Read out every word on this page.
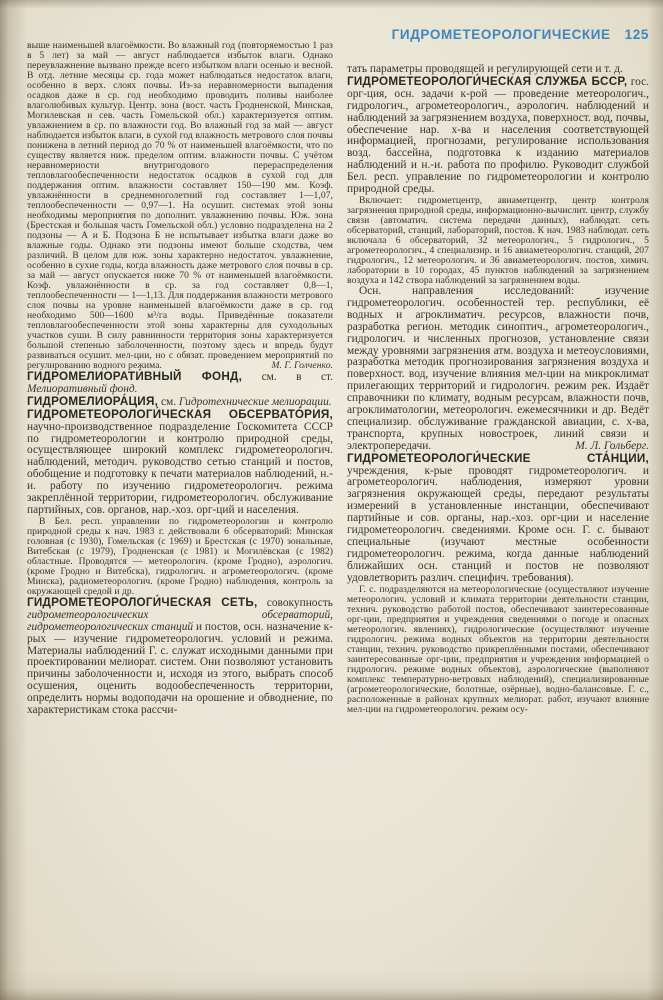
ГИДРОМЕТЕОРОЛОГИЧЕСКИЕ 125

выше наименьшей влагоёмкости. Во влажный год (повторяемостью 1 раз в 5 лет) за май — август наблюдается избыток влаги. Однако переувлажнение вызвано прежде всего избытком влаги осенью и весной. В отд. летние месяцы ср. года может наблюдаться недостаток влаги, особенно в верх. слоях почвы. Из-за неравномерности выпадения осадков даже в ср. год необходимо проводить поливы наиболее влаголюбивых культур. Центр. зона (вост. часть Гродненской, Минская, Могилевская и сев. часть Гомельской обл.) характеризуется оптим. увлажнением в ср. по влажности год. Во влажный год за май — август наблюдается избыток влаги, в сухой год влажность метрового слоя почвы понижена в летний период до 70 % от наименьшей влагоёмкости, что по существу является ниж. пределом оптим. влажности почвы. С учётом неравномерности внутригодового перераспределения тепловлагообеспеченности недостаток осадков в сухой год для поддержания оптим. влажности составляет 150—190 мм. Коэф. увлажнённости в среднемноголетний год составляет 1—1,07, теплообеспеченности — 0,97—1. На осушит. системах этой зоны необходимы мероприятия по дополнит. увлажнению почвы. Юж. зона (Брестская и большая часть Гомельской обл.) условно подразделена на 2 подзоны — А и Б. Подзона Б не испытывает избытка влаги даже во влажные годы. Однако эти подзоны имеют больше сходства, чем различий. В целом для юж. зоны характерно недостаточ. увлажнение, особенно в сухие годы, когда влажность даже метрового слоя почвы в ср. за май — август опускается ниже 70 % от наименьшей влагоёмкости. Коэф. увлажнённости в ср. за год составляет 0,8—1, теплообеспеченности — 1—1,13. Для поддержания влажности метрового слоя почвы на уровне наименьшей влагоёмкости даже в ср. год необходимо 500—1600 м³/га воды. Приведённые показатели тепловлагообеспеченности этой зоны характерны для суходольных участков суши. В силу равнинности территория зоны характеризуется большой степенью заболоченности, поэтому здесь и впредь будут развиваться осушит. мел-ции, но с обязат. проведением мероприятий по регулированию водного режима.	М. Г. Голченко.

ГИДРОМЕЛИОРАТИ́ВНЫЙ ФОНД, см. в ст. Мелиоративный фонд.

ГИДРОМЕЛИОРА́ЦИЯ, см. Гидротехнические мелиорации.

ГИДРОМЕТЕОРОЛОГИ́ЧЕСКАЯ ОБСЕРВАТО́РИЯ, научно-производственное подразделение Госкомитета СССР по гидрометеорологии и контролю природной среды, осуществляющее широкий комплекс гидрометеорологич. наблюдений, методич. руководство сетью станций и постов, обобщение и подготовку к печати материалов наблюдений, н.-и. работу по изучению гидрометеорологич. режима закреплённой территории, гидрометеорологич. обслуживание партийных, сов. органов, нар.-хоз. орг-ций и населения.

В Бел. респ. управлении по гидрометеорологии и контролю природной среды к нач. 1983 г. действовали 6 обсерваторий: Минская головная (с 1930), Гомельская (с 1969) и Брестская (с 1970) зональные, Витебская (с 1979), Гродненская (с 1981) и Могилёвская (с 1982) областные. Проводятся — метеорологич. (кроме Гродно), аэрологич. (кроме Гродно и Витебска), гидрологич. и агрометеорологич. (кроме Минска), радиометеорологич. (кроме Гродно) наблюдения, контроль за окружающей средой и др.

ГИДРОМЕТЕОРОЛОГИ́ЧЕСКАЯ СЕТЬ, совокупность гидрометеорологических обсерваторий, гидрометеорологических станций и постов, осн. назначение к-рых — изучение гидрометеорологич. условий и режима. Материалы наблюдений Г. с. служат исходными данными при проектировании мелиорат. систем. Они позволяют установить причины заболоченности и, исходя из этого, выбрать способ осушения, оценить водообеспеченность территории, определить нормы водоподачи на орошение и обводнение, по характеристикам стока рассчи-

тать параметры проводящей и регулирующей сети и т. д.

ГИДРОМЕТЕОРОЛОГИ́ЧЕСКАЯ СЛУЖБА БССР, гос. орг-ция, осн. задачи к-рой — проведение метеорологич., гидрологич., агрометеорологич., аэрологич. наблюдений и наблюдений за загрязнением воздуха, поверхност. вод, почвы, обеспечение нар. х-ва и населения соответствующей информацией, прогнозами, регулирование использования возд. бассейна, подготовка к изданию материалов наблюдений и н.-и. работа по профилю. Руководит службой Бел. респ. управление по гидрометеорологии и контролю природной среды.

Включает: гидрометцентр, авиаметцентр, центр контроля загрязнения природной среды, информационно-вычислит. центр, службу связи (автоматич. система передачи данных), наблюдат. сеть обсерваторий, станций, лабораторий, постов. К нач. 1983 наблюдат. сеть включала 6 обсерваторий, 32 метеорологич., 5 гидрологич., 5 агрометеорологич., 4 специализир. и 16 авиаметеорологич. станций, 207 гидрологич., 12 метеорологич. и 36 авиаметеорологич. постов, химич. лаборатории в 10 городах, 45 пунктов наблюдений за загрязнением воздуха и 142 створа наблюдений за загрязнением воды.

Осн. направления исследований: изучение гидрометеорологич. особенностей тер. республики, её водных и агроклиматич. ресурсов, влажности почв, разработка регион. методик синоптич., агрометеорологич., гидрологич. и численных прогнозов, установление связи между уровнями загрязнения атм. воздуха и метеоусловиями, разработка методик прогнозирования загрязнения воздуха и поверхност. вод, изучение влияния мел-ции на микроклимат прилегающих территорий и гидрологич. режим рек. Издаёт справочники по климату, водным ресурсам, влажности почв, агроклиматологии, метеорологич. ежемесячники и др. Ведёт специализир. обслуживание гражданской авиации, с. х-ва, транспорта, крупных новостроек, линий связи и электропередачи.	М. Л. Гольберг.

ГИДРОМЕТЕОРОЛОГИ́ЧЕСКИЕ СТА́НЦИИ, учреждения, к-рые проводят гидрометеорологич. и агрометеорологич. наблюдения, измеряют уровни загрязнения окружающей среды, передают результаты измерений в установленные инстанции, обеспечивают партийные и сов. органы, нар.-хоз. орг-ции и население гидрометеорологич. сведениями. Кроме осн. Г. с. бывают специальные (изучают местные особенности гидрометеорологич. режима, когда данные наблюдений ближайших осн. станций и постов не позволяют удовлетворить различ. специфич. требования).

Г. с. подразделяются на метеорологические (осуществляют изучение метеорологич. условий и климата территории деятельности станции, технич. руководство работой постов, обеспечивают заинтересованные орг-ции, предприятия и учреждения сведениями о погоде и опасных метеорологич. явлениях), гидрологические (осуществляют изучение гидрологич. режима водных объектов на территории деятельности станции, технич. руководство прикреплёнными постами, обеспечивают заинтересованные орг-ции, предприятия и учреждения информацией о гидрологич. режиме водных объектов), аэрологические (выполняют комплекс температурно-ветровых наблюдений), специализированные (агрометеорологические, болотные, озёрные), водно-балансовые. Г. с., расположенные в районах крупных мелиорат. работ, изучают влияние мел-ции на гидрометеорологич. режим осу-
